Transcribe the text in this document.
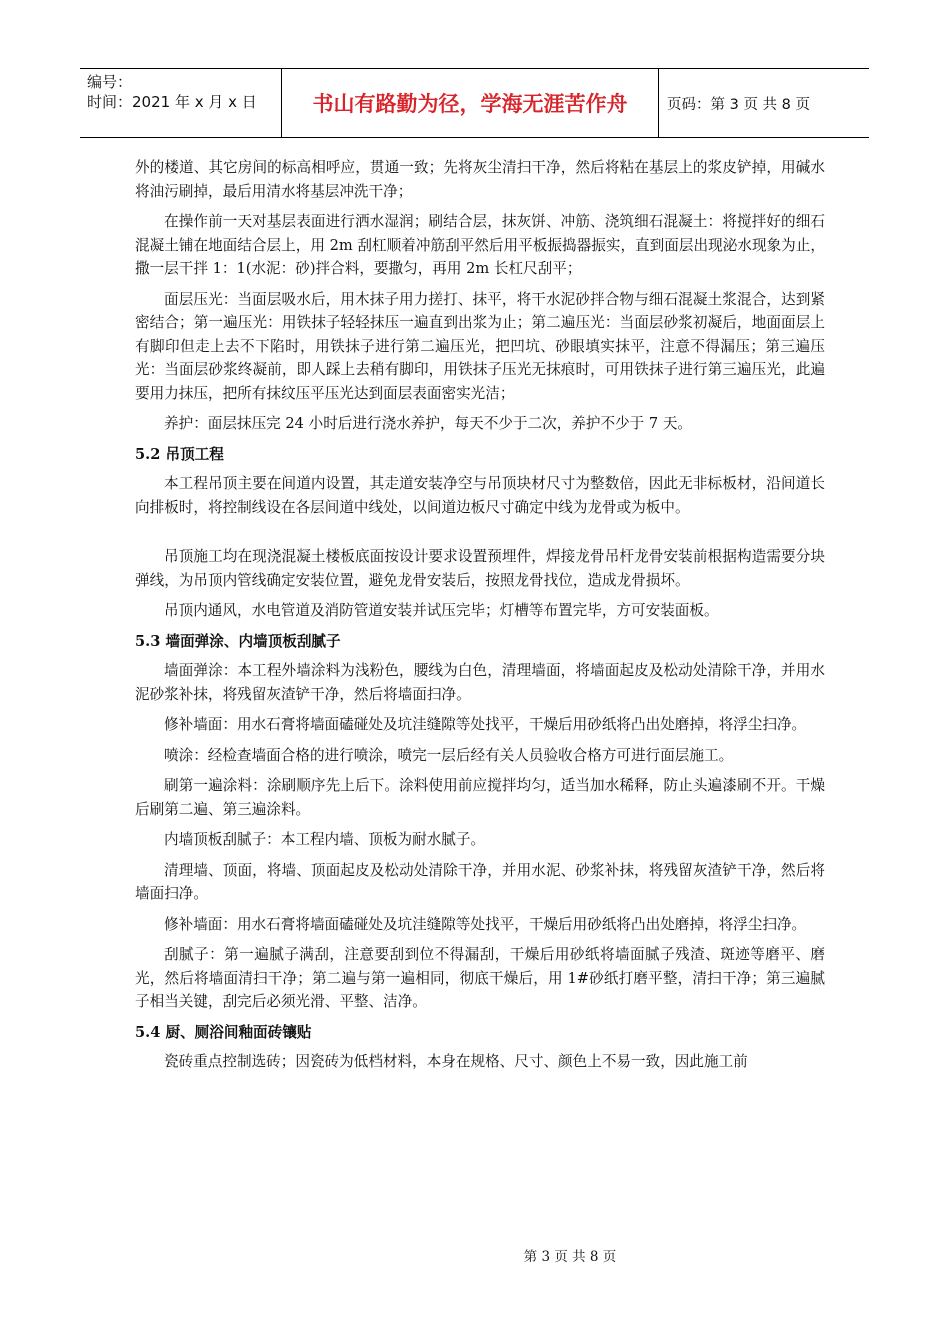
编号：
时间：2021 年 x 月 x 日	书山有路勤为径，学海无涯苦作舟	页码：第 3 页 共 8 页

外的楼道、其它房间的标高相呼应，贯通一致；先将灰尘清扫干净，然后将粘在基层上的浆皮铲掉，用碱水将油污刷掉，最后用清水将基层冲洗干净；

在操作前一天对基层表面进行洒水湿润；刷结合层，抹灰饼、冲筋、浇筑细石混凝土：将搅拌好的细石混凝土铺在地面结合层上，用 2m 刮杠顺着冲筋刮平然后用平板振捣器振实，直到面层出现泌水现象为止，撒一层干拌 1：1(水泥：砂)拌合料，要撒匀，再用 2m 长杠尺刮平；

面层压光：当面层吸水后，用木抹子用力搓打、抹平，将干水泥砂拌合物与细石混凝土浆混合，达到紧密结合；第一遍压光：用铁抹子轻轻抹压一遍直到出浆为止；第二遍压光：当面层砂浆初凝后，地面面层上有脚印但走上去不下陷时，用铁抹子进行第二遍压光，把凹坑、砂眼填实抹平，注意不得漏压；第三遍压光：当面层砂浆终凝前，即人踩上去稍有脚印，用铁抹子压光无抹痕时，可用铁抹子进行第三遍压光，此遍要用力抹压，把所有抹纹压平压光达到面层表面密实光洁；

养护：面层抹压完 24 小时后进行浇水养护，每天不少于二次，养护不少于 7 天。

5.2 吊顶工程

本工程吊顶主要在间道内设置，其走道安装净空与吊顶块材尺寸为整数倍，因此无非标板材，沿间道长向排板时，将控制线设在各层间道中线处，以间道边板尺寸确定中线为龙骨或为板中。

吊顶施工均在现浇混凝土楼板底面按设计要求设置预埋件，焊接龙骨吊杆龙骨安装前根据构造需要分块弹线，为吊顶内管线确定安装位置，避免龙骨安装后，按照龙骨找位，造成龙骨损坏。

吊顶内通风，水电管道及消防管道安装并试压完毕；灯槽等布置完毕，方可安装面板。

5.3 墙面弹涂、内墙顶板刮腻子

墙面弹涂：本工程外墙涂料为浅粉色，腰线为白色，清理墙面，将墙面起皮及松动处清除干净，并用水泥砂浆补抹，将残留灰渣铲干净，然后将墙面扫净。

修补墙面：用水石膏将墙面磕碰处及坑洼缝隙等处找平，干燥后用砂纸将凸出处磨掉，将浮尘扫净。

喷涂：经检查墙面合格的进行喷涂，喷完一层后经有关人员验收合格方可进行面层施工。

刷第一遍涂料：涂刷顺序先上后下。涂料使用前应搅拌均匀，适当加水稀释，防止头遍漆刷不开。干燥后刷第二遍、第三遍涂料。

内墙顶板刮腻子：本工程内墙、顶板为耐水腻子。

清理墙、顶面，将墙、顶面起皮及松动处清除干净，并用水泥、砂浆补抹，将残留灰渣铲干净，然后将墙面扫净。

修补墙面：用水石膏将墙面磕碰处及坑洼缝隙等处找平，干燥后用砂纸将凸出处磨掉，将浮尘扫净。

刮腻子：第一遍腻子满刮，注意要刮到位不得漏刮，干燥后用砂纸将墙面腻子残渣、斑迹等磨平、磨光，然后将墙面清扫干净；第二遍与第一遍相同，彻底干燥后，用 1#砂纸打磨平整，清扫干净；第三遍腻子相当关键，刮完后必须光滑、平整、洁净。

5.4 厨、厕浴间釉面砖镶贴

瓷砖重点控制选砖；因瓷砖为低档材料，本身在规格、尺寸、颜色上不易一致，因此施工前

第 3 页 共 8 页
